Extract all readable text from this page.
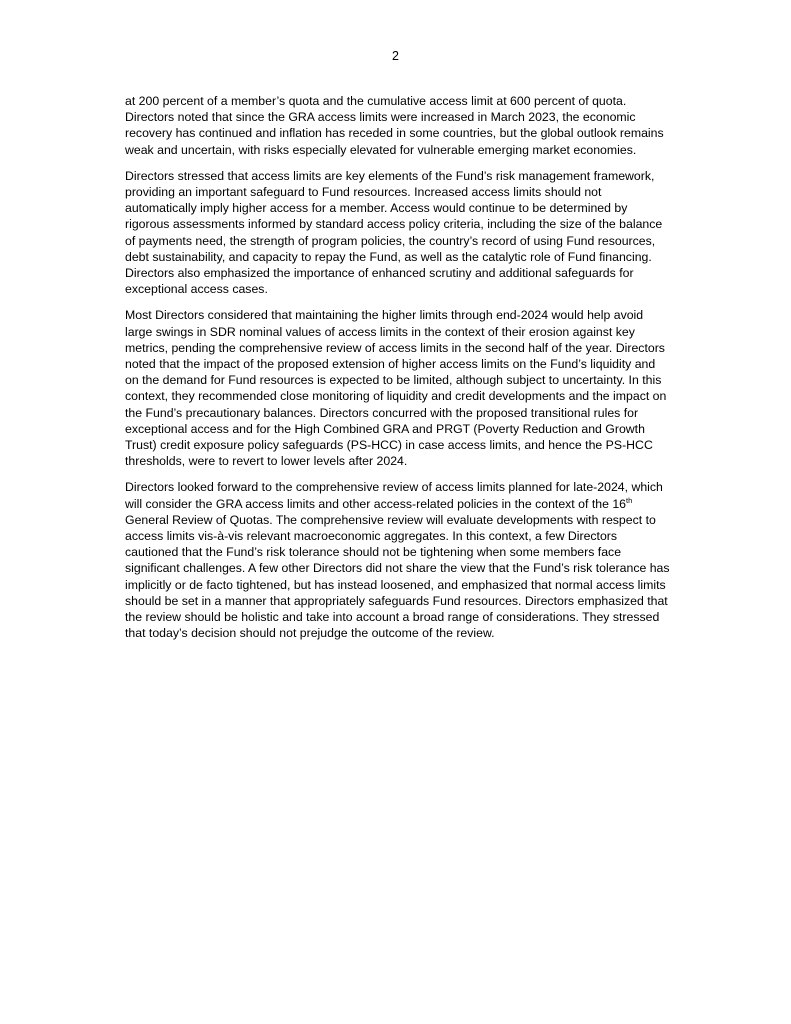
2

at 200 percent of a member’s quota and the cumulative access limit at 600 percent of quota. Directors noted that since the GRA access limits were increased in March 2023, the economic recovery has continued and inflation has receded in some countries, but the global outlook remains weak and uncertain, with risks especially elevated for vulnerable emerging market economies.

Directors stressed that access limits are key elements of the Fund’s risk management framework, providing an important safeguard to Fund resources. Increased access limits should not automatically imply higher access for a member. Access would continue to be determined by rigorous assessments informed by standard access policy criteria, including the size of the balance of payments need, the strength of program policies, the country’s record of using Fund resources, debt sustainability, and capacity to repay the Fund, as well as the catalytic role of Fund financing. Directors also emphasized the importance of enhanced scrutiny and additional safeguards for exceptional access cases.

Most Directors considered that maintaining the higher limits through end-2024 would help avoid large swings in SDR nominal values of access limits in the context of their erosion against key metrics, pending the comprehensive review of access limits in the second half of the year. Directors noted that the impact of the proposed extension of higher access limits on the Fund’s liquidity and on the demand for Fund resources is expected to be limited, although subject to uncertainty. In this context, they recommended close monitoring of liquidity and credit developments and the impact on the Fund’s precautionary balances. Directors concurred with the proposed transitional rules for exceptional access and for the High Combined GRA and PRGT (Poverty Reduction and Growth Trust) credit exposure policy safeguards (PS-HCC) in case access limits, and hence the PS-HCC thresholds, were to revert to lower levels after 2024.

Directors looked forward to the comprehensive review of access limits planned for late-2024, which will consider the GRA access limits and other access-related policies in the context of the 16th General Review of Quotas. The comprehensive review will evaluate developments with respect to access limits vis-à-vis relevant macroeconomic aggregates. In this context, a few Directors cautioned that the Fund’s risk tolerance should not be tightening when some members face significant challenges. A few other Directors did not share the view that the Fund’s risk tolerance has implicitly or de facto tightened, but has instead loosened, and emphasized that normal access limits should be set in a manner that appropriately safeguards Fund resources. Directors emphasized that the review should be holistic and take into account a broad range of considerations. They stressed that today’s decision should not prejudge the outcome of the review.
